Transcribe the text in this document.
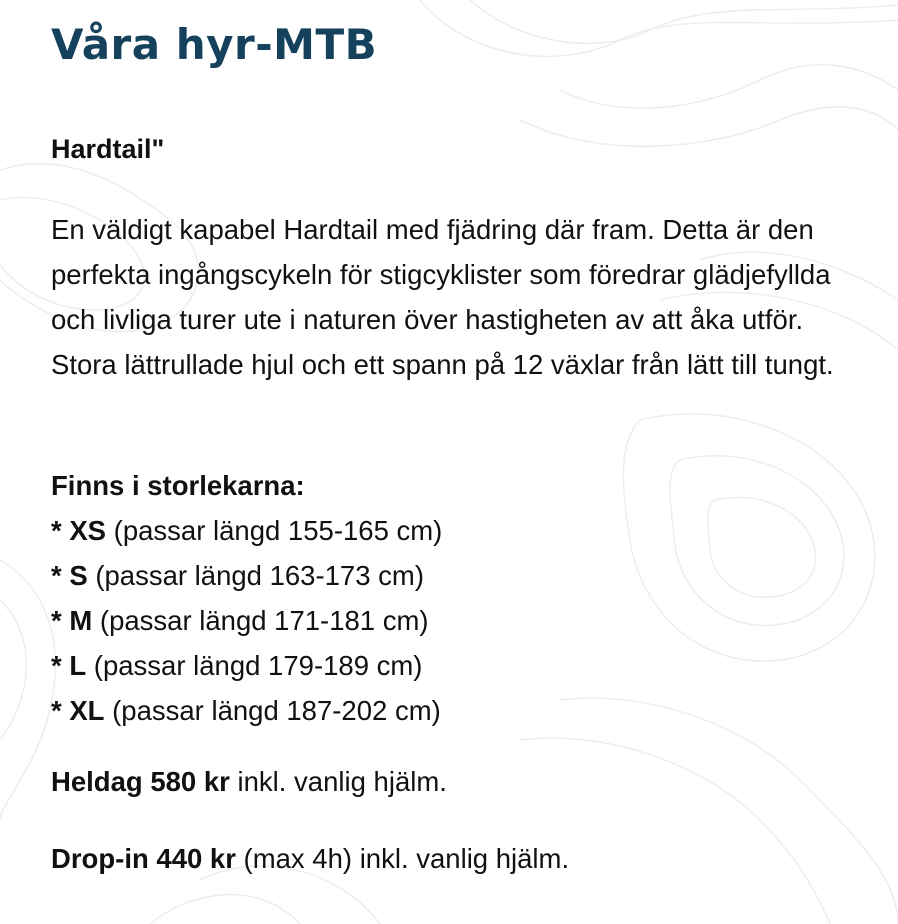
Våra hyr-MTB
Hardtail"

En väldigt kapabel Hardtail med fjädring där fram. Detta är den perfekta ingångscykeln för stigcyklister som föredrar glädjefyllda och livliga turer ute i naturen över hastigheten av att åka utför. Stora lättrullade hjul och ett spann på 12 växlar från lätt till tungt.

Finns i storlekarna:
* XS (passar längd 155-165 cm)
* S (passar längd 163-173 cm)
* M (passar längd 171-181 cm)
* L (passar längd 179-189 cm)
* XL (passar längd 187-202 cm)

Heldag 580 kr inkl. vanlig hjälm.

Drop-in 440 kr (max 4h) inkl. vanlig hjälm.
